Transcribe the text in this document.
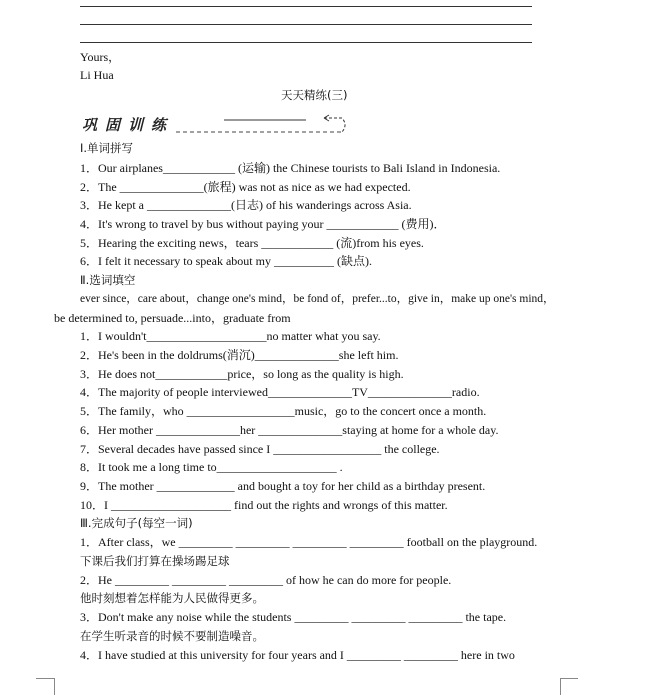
Yours，
Li Hua
天天精练(三)
巩固训练
Ⅰ.单词拼写
1．Our airplanes____________ (运输) the Chinese tourists to Bali Island in Indonesia.
2．The ______________(旅程) was not as nice as we had expected.
3．He kept a ______________(日志) of his wanderings across Asia.
4．It's wrong to travel by bus without paying your ____________ (费用)．
5．Hearing the exciting news，tears ____________ (流)from his eyes.
6．I felt it necessary to speak about my __________ (缺点).
Ⅱ.选词填空
ever since，care about，change one's mind，be fond of，prefer...to，give in，make up one's mind，
be determined to, persuade...into，graduate from
1．I wouldn't____________________no matter what you say.
2．He's been in the doldrums(消沉)______________she left him.
3．He does not____________price，so long as the quality is high.
4．The majority of people interviewed______________TV______________radio.
5．The family，who __________________music，go to the concert once a month.
6．Her mother ______________her ______________staying at home for a whole day.
7．Several decades have passed since I __________________ the college.
8．It took me a long time to____________________ .
9．The mother _____________ and bought a toy for her child as a birthday present.
10．I ____________________ find out the rights and wrongs of this matter.
Ⅲ.完成句子(每空一词)
1．After class，we _________ _________ _________ _________ football on the playground.
下课后我们打算在操场踢足球
2．He _________ _________ _________ of how he can do more for people.
他时刻想着怎样能为人民做得更多。
3．Don't make any noise while the students _________ _________ _________ the tape.
在学生听录音的时候不要制造噪音。
4．I have studied at this university for four years and I _________ _________ here in two
